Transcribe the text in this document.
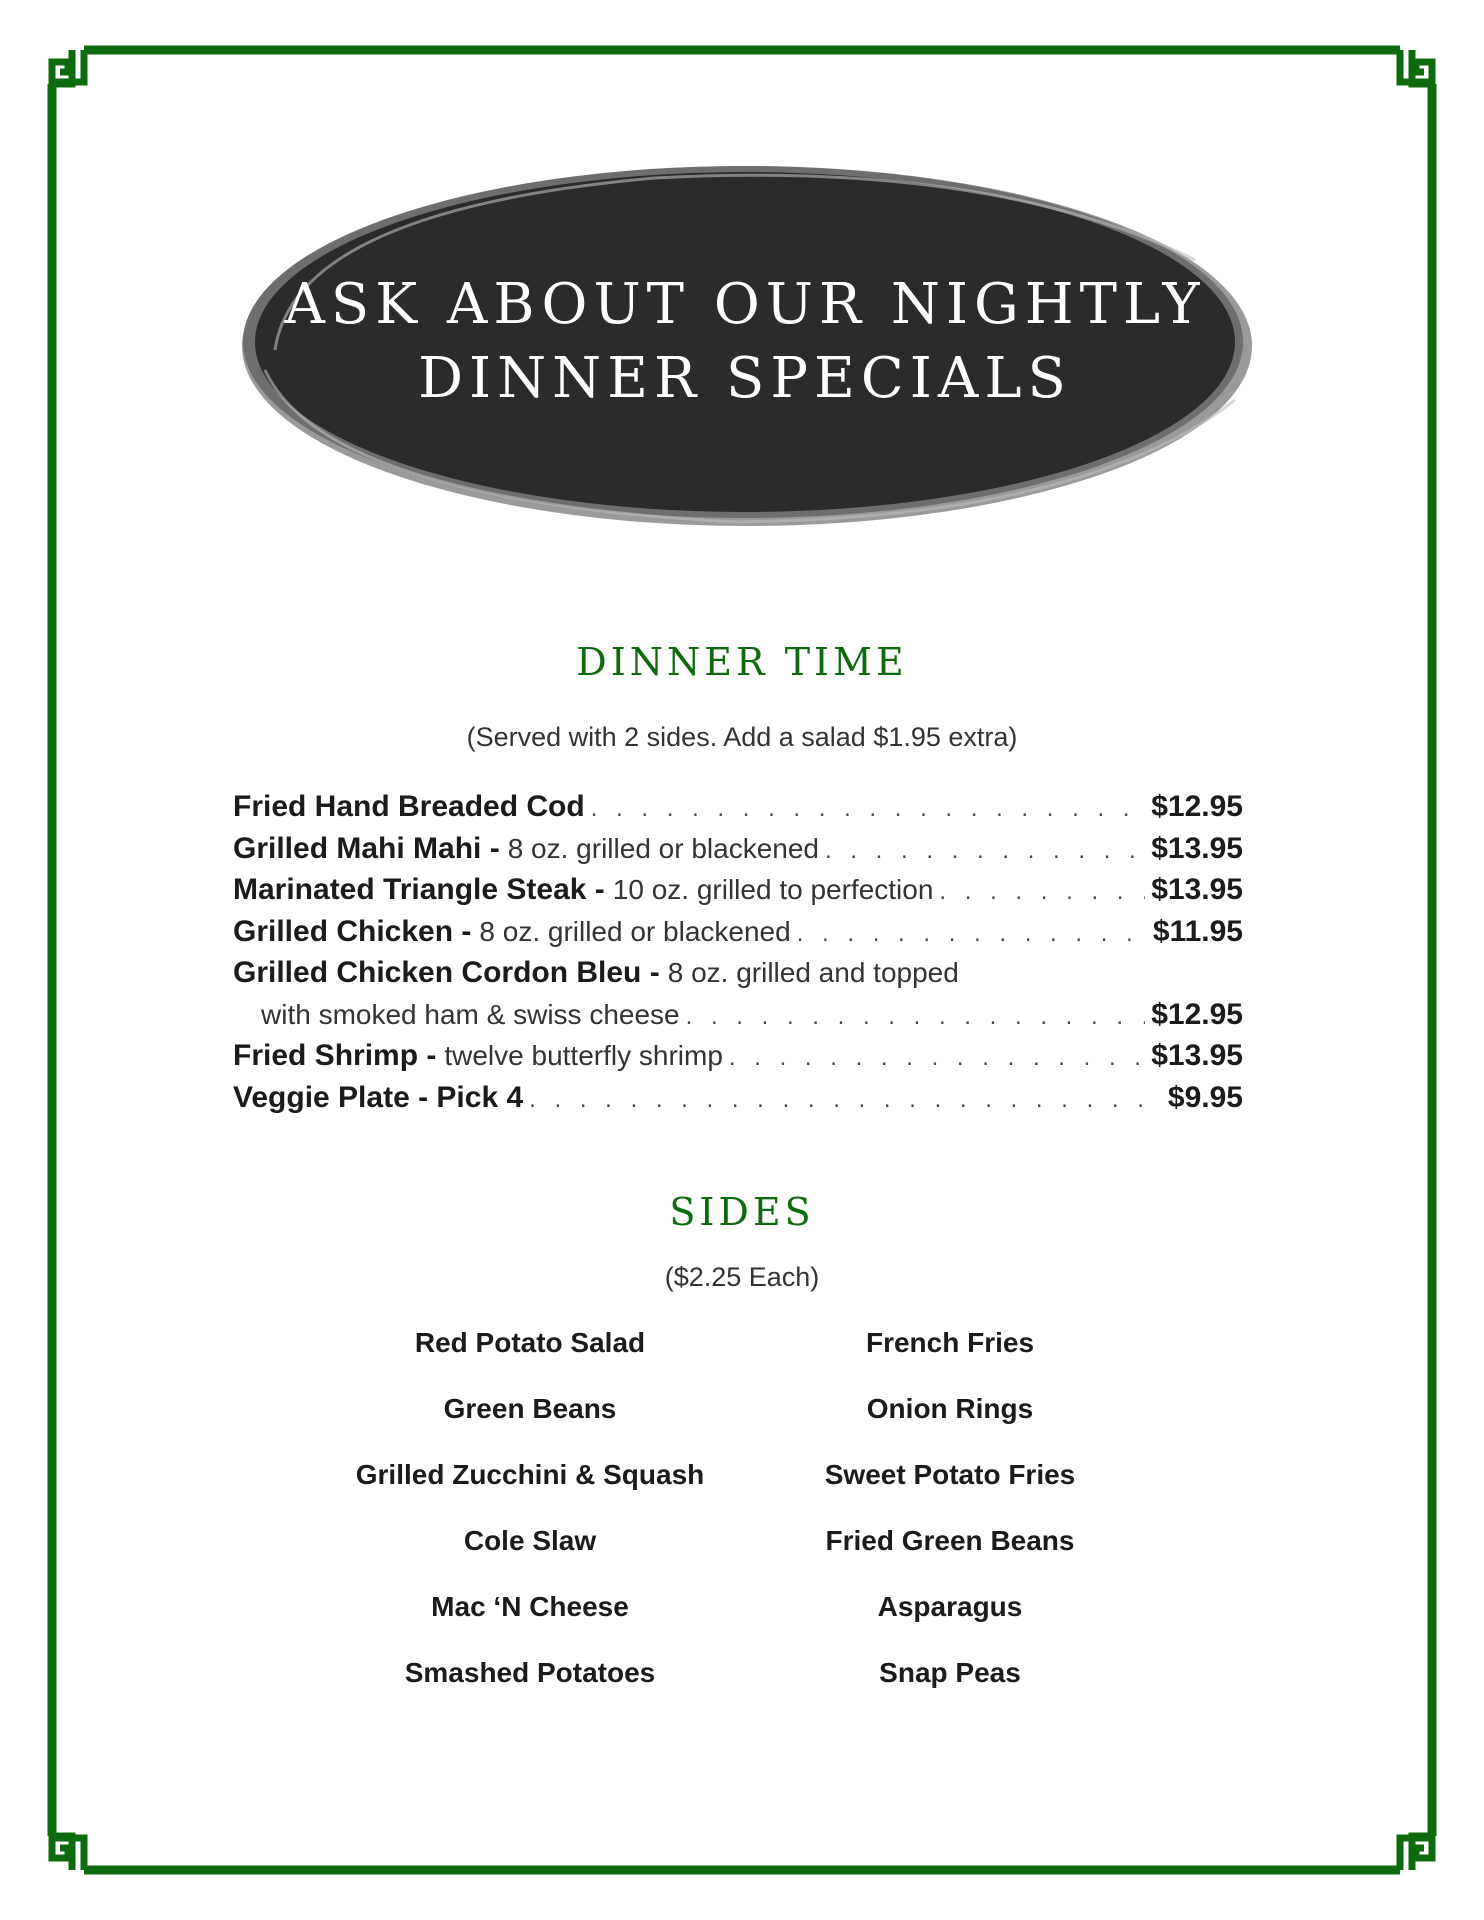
ASK ABOUT OUR NIGHTLY
DINNER SPECIALS
DINNER TIME
(Served with 2 sides. Add a salad $1.95 extra)
Fried Hand Breaded Cod . . .	$12.95
Grilled Mahi Mahi - 8 oz. grilled or blackened . . .	$13.95
Marinated Triangle Steak - 10 oz. grilled to perfection . . .	$13.95
Grilled Chicken - 8 oz. grilled or blackened . . .	$11.95
Grilled Chicken Cordon Bleu - 8 oz. grilled and topped
with smoked ham & swiss cheese . . .	$12.95
Fried Shrimp - twelve butterfly shrimp . . .	$13.95
Veggie Plate - Pick 4 . . .	$9.95
SIDES
($2.25 Each)
Red Potato Salad
Green Beans
Grilled Zucchini & Squash
Cole Slaw
Mac ‘N Cheese
Smashed Potatoes
French Fries
Onion Rings
Sweet Potato Fries
Fried Green Beans
Asparagus
Snap Peas
